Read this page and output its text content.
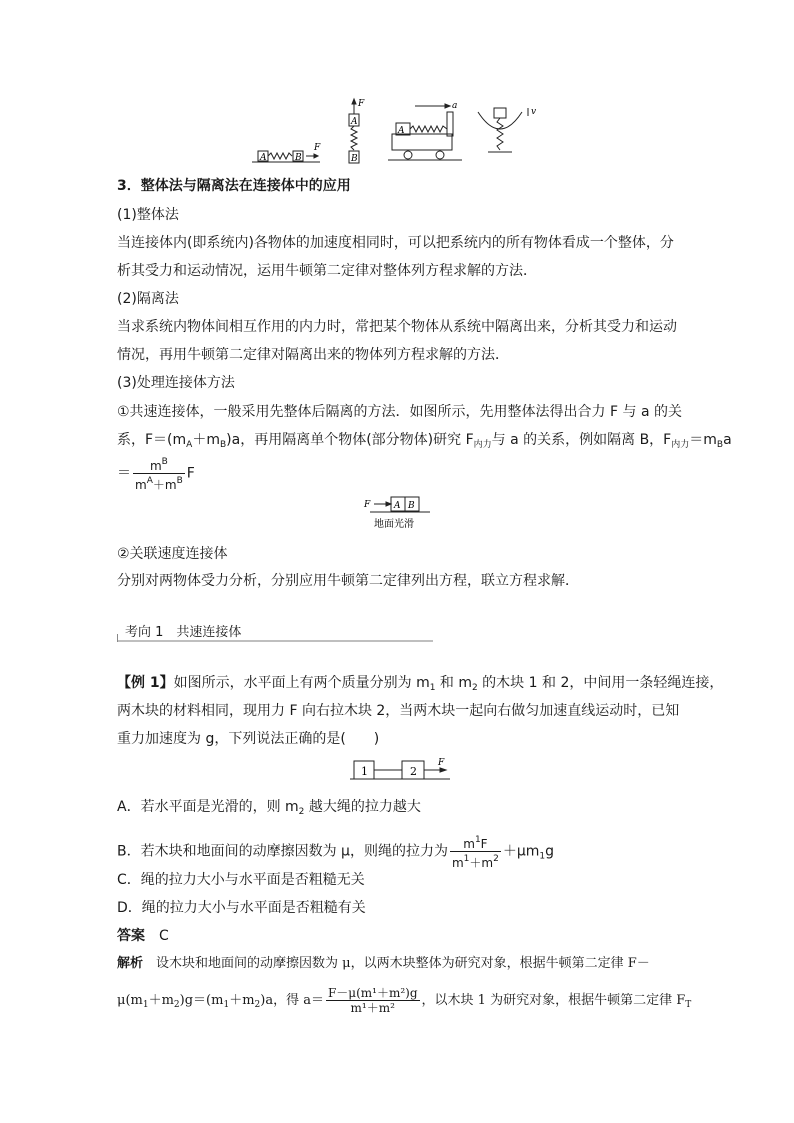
A	B
F
F
A
B
A
a
v
3．整体法与隔离法在连接体中的应用
(1)整体法
当连接体内(即系统内)各物体的加速度相同时，可以把系统内的所有物体看成一个整体，分
析其受力和运动情况，运用牛顿第二定律对整体列方程求解的方法．
(2)隔离法
当求系统内物体间相互作用的内力时，常把某个物体从系统中隔离出来，分析其受力和运动
情况，再用牛顿第二定律对隔离出来的物体列方程求解的方法．
(3)处理连接体方法
①共速连接体，一般采用先整体后隔离的方法．如图所示，先用整体法得出合力 F 与 a 的关
系，$F=(m_A+m_B)a$，再用隔离单个物体(部分物体)研究 $F_{内力}$与 a 的关系，例如隔离 B，$F_{内力}=m_Ba$
＝ $\frac{m^B}{m^A+m^B}$ F
F	A B
地面光滑
②关联速度连接体
分别对两物体受力分析，分别应用牛顿第二定律列出方程，联立方程求解．
考向 1　共速连接体
【例 1】如图所示，水平面上有两个质量分别为 $m_1$ 和 $m_2$ 的木块 1 和 2，中间用一条轻绳连接，
两木块的材料相同，现用力 F 向右拉木块 2，当两木块一起向右做匀加速直线运动时，已知
重力加速度为 g，下列说法正确的是(　　)
1	2
F
A．若水平面是光滑的，则 $m_2$ 越大绳的拉力越大
B．若木块和地面间的动摩擦因数为 μ，则绳的拉力为 $\frac{m^1F}{m^1+m^2} +\mu m_1g$
C．绳的拉力大小与水平面是否粗糙无关
D．绳的拉力大小与水平面是否粗糙有关
答案　 C
解析　 设木块和地面间的动摩擦因数为 μ，以两木块整体为研究对象，根据牛顿第二定律 F－
$\mu(m_1+m_2)g=(m_1+m_2)a$，得 $a= \frac{\text{F－μ(m¹＋m²)g}}{\text{m¹＋m²}}$ ，以木块 1 为研究对象，根据牛顿第二定律 $F_T$
